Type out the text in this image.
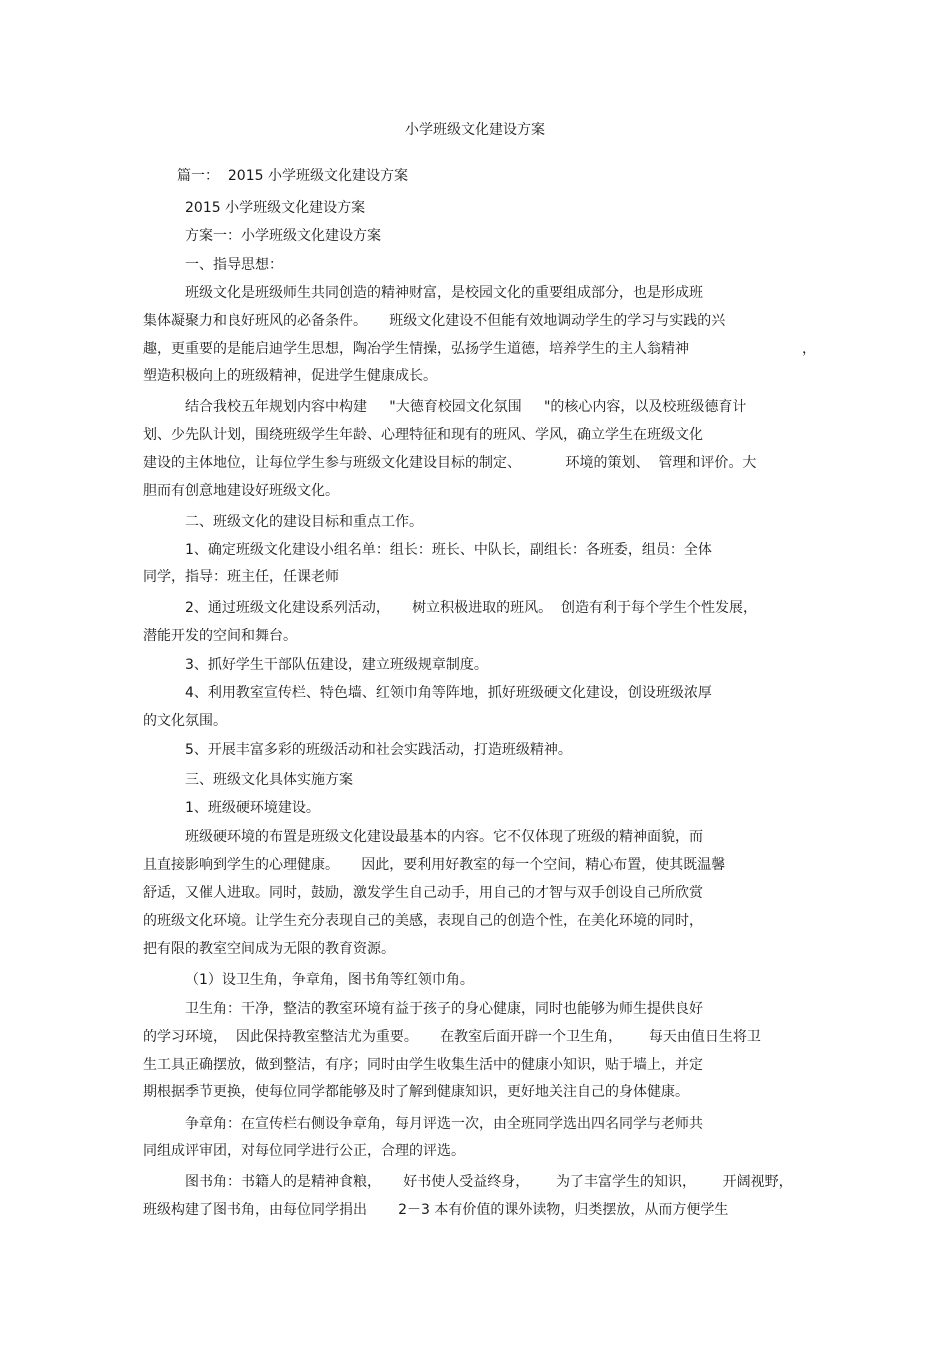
小学班级文化建设方案

篇一：  2015 小学班级文化建设方案

2015 小学班级文化建设方案

方案一：小学班级文化建设方案

一、指导思想：

班级文化是班级师生共同创造的精神财富，是校园文化的重要组成部分，也是形成班

集体凝聚力和良好班风的必备条件。     班级文化建设不但能有效地调动学生的学习与实践的兴

趣，更重要的是能启迪学生思想，陶冶学生情操，弘扬学生道德，培养学生的主人翁精神	，

塑造积极向上的班级精神，促进学生健康成长。

结合我校五年规划内容中构建     "大德育校园文化氛围     "的核心内容，以及校班级德育计

划、少先队计划，围绕班级学生年龄、心理特征和现有的班风、学风，确立学生在班级文化

建设的主体地位，让每位学生参与班级文化建设目标的制定、          环境的策划、  管理和评价。大

胆而有创意地建设好班级文化。

二、班级文化的建设目标和重点工作。

1、确定班级文化建设小组名单：组长：班长、中队长，副组长：各班委，组员：全体

同学，指导：班主任，任课老师

2、通过班级文化建设系列活动，     树立积极进取的班风。  创造有利于每个学生个性发展，

潜能开发的空间和舞台。

3、抓好学生干部队伍建设，建立班级规章制度。

4、利用教室宣传栏、特色墙、红领巾角等阵地，抓好班级硬文化建设，创设班级浓厚

的文化氛围。

5、开展丰富多彩的班级活动和社会实践活动，打造班级精神。

三、班级文化具体实施方案

1、班级硬环境建设。

班级硬环境的布置是班级文化建设最基本的内容。它不仅体现了班级的精神面貌，而

且直接影响到学生的心理健康。     因此，要利用好教室的每一个空间，精心布置，使其既温馨

舒适，又催人进取。同时，鼓励，激发学生自己动手，用自己的才智与双手创设自己所欣赏

的班级文化环境。让学生充分表现自己的美感，表现自己的创造个性，在美化环境的同时，

把有限的教室空间成为无限的教育资源。

（1）设卫生角，争章角，图书角等红领巾角。

卫生角：干净，整洁的教室环境有益于孩子的身心健康，同时也能够为师生提供良好

的学习环境，  因此保持教室整洁尤为重要。     在教室后面开辟一个卫生角，      每天由值日生将卫

生工具正确摆放，做到整洁，有序；同时由学生收集生活中的健康小知识，贴于墙上，并定

期根据季节更换，使每位同学都能够及时了解到健康知识，更好地关注自己的身体健康。

争章角：在宣传栏右侧设争章角，每月评选一次，由全班同学选出四名同学与老师共

同组成评审团，对每位同学进行公正，合理的评选。

图书角：书籍人的是精神食粮，     好书使人受益终身，      为了丰富学生的知识，      开阔视野，

班级构建了图书角，由每位同学捐出       2－3 本有价值的课外读物，归类摆放，从而方便学生
